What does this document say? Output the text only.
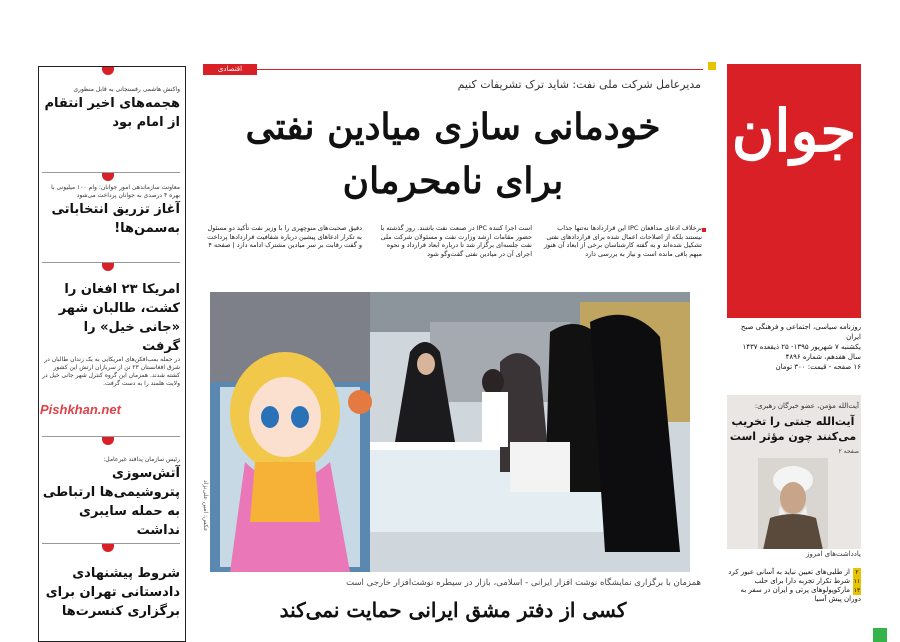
جوان
روزنامه سیاسی، اجتماعی و فرهنگی صبح ایران
یکشنبه ۷ شهریور ۱۳۹۵- ۲۵ ذیقعده ۱۴۳۷
سال هفدهم، شماره ۴۸۹۶
۱۶ صفحه - قیمت: ۳۰۰ تومان
واکنش هاشمی رفسنجانی به قابل منظوری
هجمه‌های اخیر انتقام از امام بود
معاونت سازماندهی امور جوانان: وام ۱۰۰ میلیونی با بهره ۴ درصدی به جوانان پرداخت می‌شود
آغاز تزریق انتخاباتی به‌سمن‌ها!
امریکا ۲۳ افغان را کشت، طالبان شهر «جانی خیل» را گرفت
در حمله بمب‌افکن‌های امریکایی به یک زندان طالبان در شرق افغانستان ۲۳ تن از سربازان ارتش این کشور کشته شدند. همزمان این گروه کنترل شهر جانی خیل در ولایت هلمند را به دست گرفت.
Pishkhan.net
رئیس سازمان پدافند غیرعامل:
آتش‌سوزی پتروشیمی‌ها ارتباطی به حمله سایبری نداشت
شروط پیشنهادی دادستانی تهران برای برگزاری کنسرت‌ها
اقتصادی
مدیرعامل شرکت ملی نفت: شاید ترک تشریفات کنیم
خودمانی سازی میادین نفتی
برای نامحرمان
برخلاف ادعای مدافعان IPC این قراردادها نه‌تنها جذاب نیستند بلکه از اصلاحات اعمال شده برای قراردادهای نفتی تشکیل شده‌اند و به گفته کارشناسان برخی از ابعاد آن هنوز مبهم باقی مانده است و نیاز به بررسی دارد
است اجرا کننده IPC در صنعت نفت باشند. روز گذشته با حضور مقامات ارشد وزارت نفت و مسئولان شرکت ملی نفت جلسه‌ای برگزار شد تا درباره ابعاد قرارداد و نحوه اجرای آن در میادین نفتی گفت‌وگو شود
دقیق صحبت‌های منوچهری را با وزیر نفت تأکید دو مسئول به تکرار ادعاهای پیشین درباره شفافیت قراردادها پرداخت و گفت رقابت بر سر میادین مشترک ادامه دارد | صفحه ۴
عکس: امین علی‌نژاد
همزمان با برگزاری نمایشگاه نوشت افزار ایرانی - اسلامی، بازار در سیطره نوشت‌افزار خارجی است
کسی از دفتر مشق ایرانی حمایت نمی‌کند
آیت‌الله مؤمن، عضو خبرگان رهبری:
آیت‌الله جنتی را تخریب می‌کنند چون مؤثر است
صفحه ۲
یادداشت‌های امروز
۲از طلبی‌های تعیین نباید به آسانی عبور کرد
۱۱شرط تکرار تجربه دارا برای حلب
۱۳مارکوپولوهای پرتی و ایران در سفر به دوران پیش آسیا
